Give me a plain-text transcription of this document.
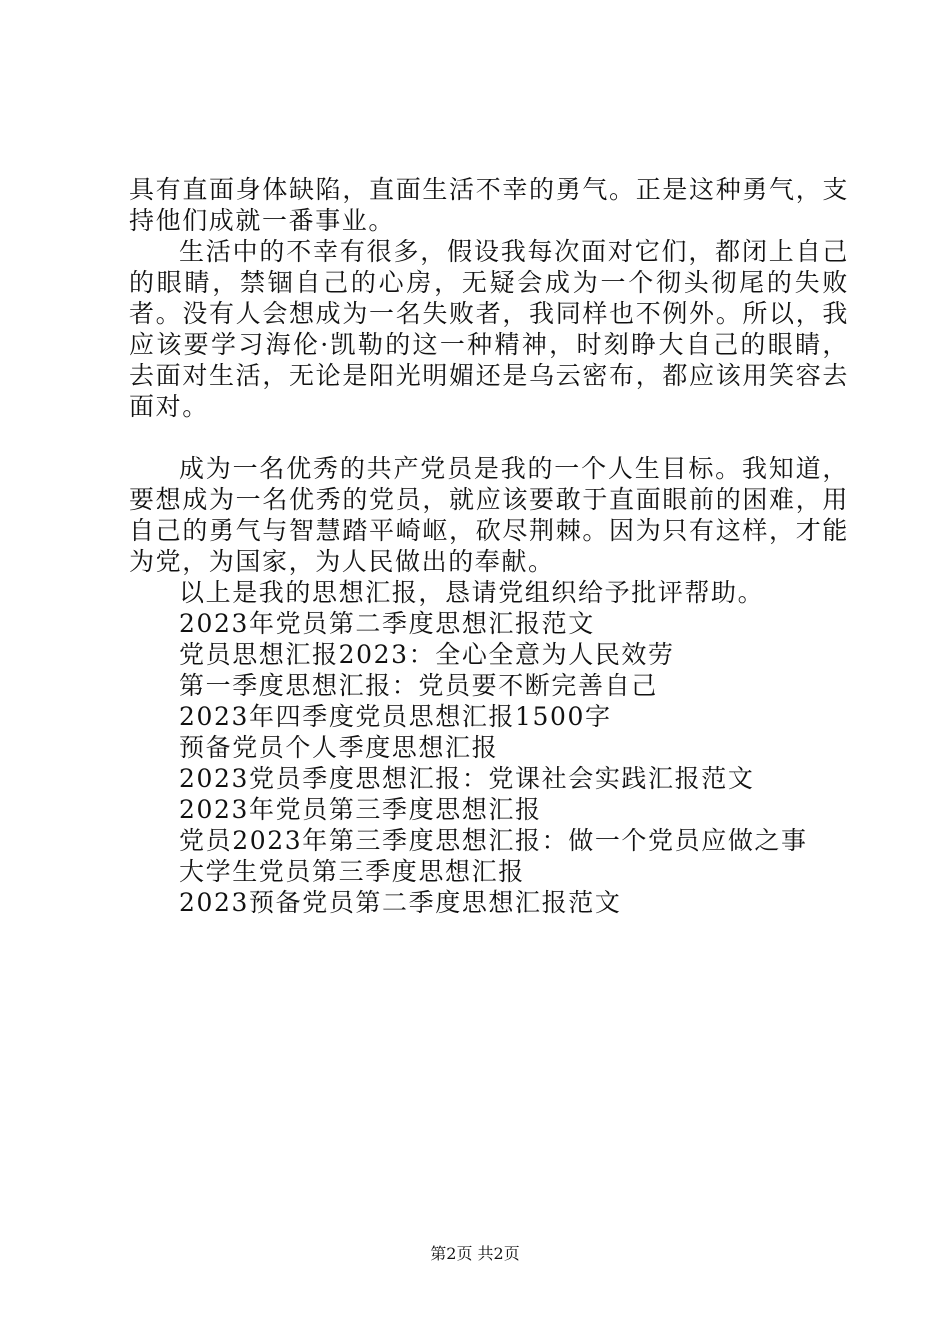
具有直面身体缺陷，直面生活不幸的勇气。正是这种勇气，支持他们成就一番事业。

生活中的不幸有很多，假设我每次面对它们，都闭上自己的眼睛，禁锢自己的心房，无疑会成为一个彻头彻尾的失败者。没有人会想成为一名失败者，我同样也不例外。所以，我应该要学习海伦·凯勒的这一种精神，时刻睁大自己的眼睛，去面对生活，无论是阳光明媚还是乌云密布，都应该用笑容去面对。

成为一名优秀的共产党员是我的一个人生目标。我知道，要想成为一名优秀的党员，就应该要敢于直面眼前的困难，用自己的勇气与智慧踏平崎岖，砍尽荆棘。因为只有这样，才能为党，为国家，为人民做出的奉献。

以上是我的思想汇报，恳请党组织给予批评帮助。

2023年党员第二季度思想汇报范文

党员思想汇报2023：全心全意为人民效劳

第一季度思想汇报：党员要不断完善自己

2023年四季度党员思想汇报1500字

预备党员个人季度思想汇报

2023党员季度思想汇报：党课社会实践汇报范文

2023年党员第三季度思想汇报

党员2023年第三季度思想汇报：做一个党员应做之事

大学生党员第三季度思想汇报

2023预备党员第二季度思想汇报范文

第2页 共2页
